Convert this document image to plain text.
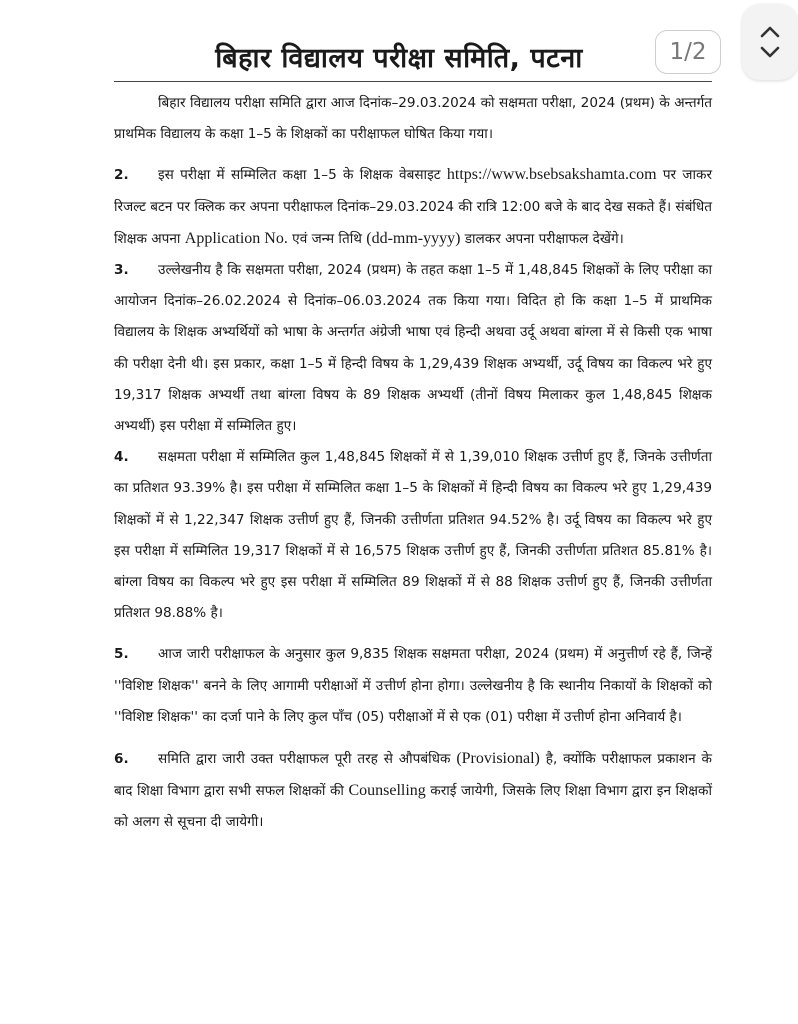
बिहार विद्यालय परीक्षा समिति, पटना	1/2

बिहार विद्यालय परीक्षा समिति द्वारा आज दिनांक–29.03.2024 को सक्षमता परीक्षा, 2024 (प्रथम) के अन्तर्गत प्राथमिक विद्यालय के कक्षा 1–5 के शिक्षकों का परीक्षाफल घोषित किया गया।

2. इस परीक्षा में सम्मिलित कक्षा 1–5 के शिक्षक वेबसाइट https://www.bsebsakshamta.com पर जाकर रिजल्ट बटन पर क्लिक कर अपना परीक्षाफल दिनांक–29.03.2024 की रात्रि 12:00 बजे के बाद देख सकते हैं। संबंधित शिक्षक अपना Application No. एवं जन्म तिथि (dd-mm-yyyy) डालकर अपना परीक्षाफल देखेंगे।

3. उल्लेखनीय है कि सक्षमता परीक्षा, 2024 (प्रथम) के तहत कक्षा 1–5 में 1,48,845 शिक्षकों के लिए परीक्षा का आयोजन दिनांक–26.02.2024 से दिनांक–06.03.2024 तक किया गया। विदित हो कि कक्षा 1–5 में प्राथमिक विद्यालय के शिक्षक अभ्यर्थियों को भाषा के अन्तर्गत अंग्रेजी भाषा एवं हिन्दी अथवा उर्दू अथवा बांग्ला में से किसी एक भाषा की परीक्षा देनी थी। इस प्रकार, कक्षा 1–5 में हिन्दी विषय के 1,29,439 शिक्षक अभ्यर्थी, उर्दू विषय का विकल्प भरे हुए 19,317 शिक्षक अभ्यर्थी तथा बांग्ला विषय के 89 शिक्षक अभ्यर्थी (तीनों विषय मिलाकर कुल 1,48,845 शिक्षक अभ्यर्थी) इस परीक्षा में सम्मिलित हुए।

4. सक्षमता परीक्षा में सम्मिलित कुल 1,48,845 शिक्षकों में से 1,39,010 शिक्षक उत्तीर्ण हुए हैं, जिनके उत्तीर्णता का प्रतिशत 93.39% है। इस परीक्षा में सम्मिलित कक्षा 1–5 के शिक्षकों में हिन्दी विषय का विकल्प भरे हुए 1,29,439 शिक्षकों में से 1,22,347 शिक्षक उत्तीर्ण हुए हैं, जिनकी उत्तीर्णता प्रतिशत 94.52% है। उर्दू विषय का विकल्प भरे हुए इस परीक्षा में सम्मिलित 19,317 शिक्षकों में से 16,575 शिक्षक उत्तीर्ण हुए हैं, जिनकी उत्तीर्णता प्रतिशत 85.81% है। बांग्ला विषय का विकल्प भरे हुए इस परीक्षा में सम्मिलित 89 शिक्षकों में से 88 शिक्षक उत्तीर्ण हुए हैं, जिनकी उत्तीर्णता प्रतिशत 98.88% है।

5. आज जारी परीक्षाफल के अनुसार कुल 9,835 शिक्षक सक्षमता परीक्षा, 2024 (प्रथम) में अनुत्तीर्ण रहे हैं, जिन्हें ''विशिष्ट शिक्षक'' बनने के लिए आगामी परीक्षाओं में उत्तीर्ण होना होगा। उल्लेखनीय है कि स्थानीय निकायों के शिक्षकों को ''विशिष्ट शिक्षक'' का दर्जा पाने के लिए कुल पाँच (05) परीक्षाओं में से एक (01) परीक्षा में उत्तीर्ण होना अनिवार्य है।

6. समिति द्वारा जारी उक्त परीक्षाफल पूरी तरह से औपबंधिक (Provisional) है, क्योंकि परीक्षाफल प्रकाशन के बाद शिक्षा विभाग द्वारा सभी सफल शिक्षकों की Counselling कराई जायेगी, जिसके लिए शिक्षा विभाग द्वारा इन शिक्षकों को अलग से सूचना दी जायेगी।
